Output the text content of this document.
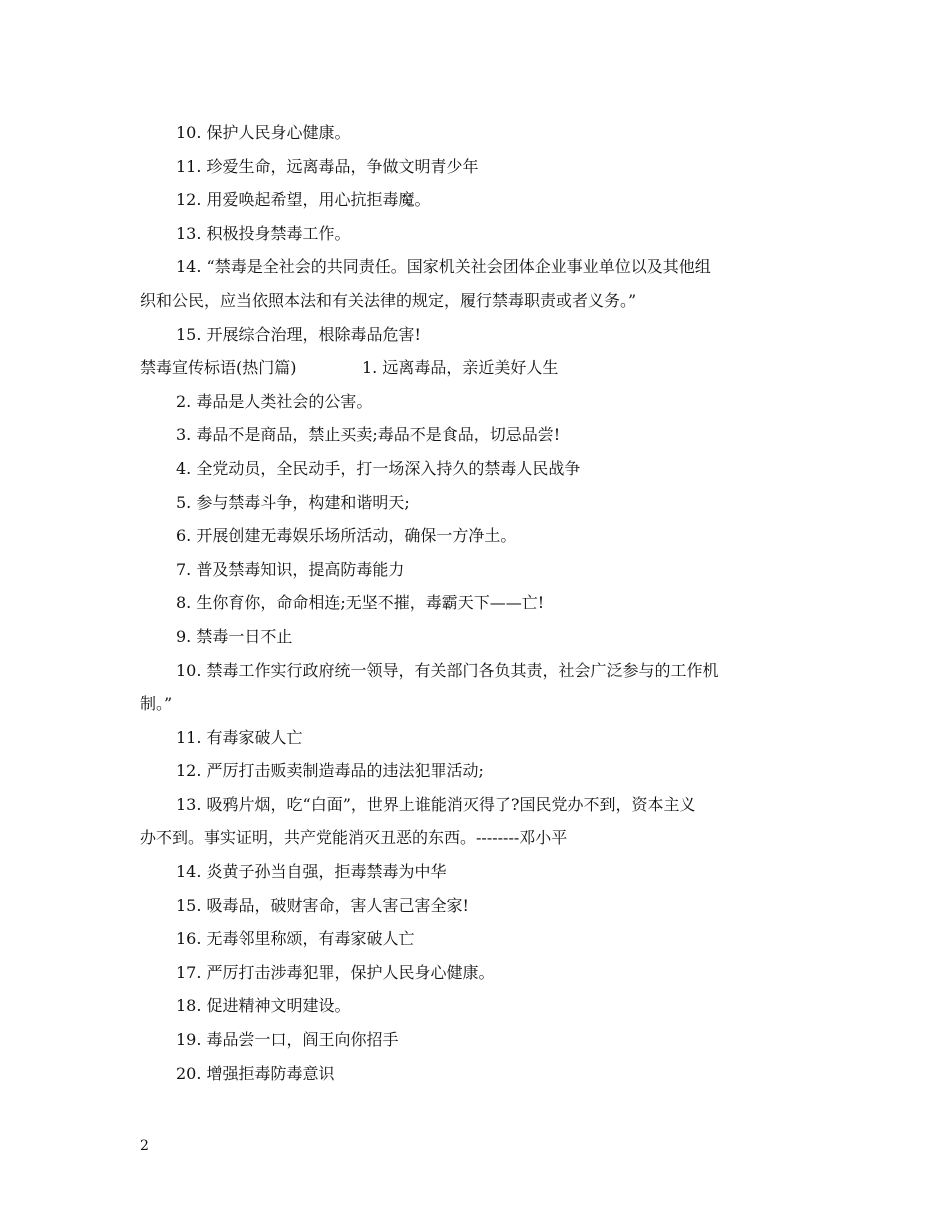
10. 保护人民身心健康。
11. 珍爱生命，远离毒品，争做文明青少年
12. 用爱唤起希望，用心抗拒毒魔。
13. 积极投身禁毒工作。
14. “禁毒是全社会的共同责任。国家机关社会团体企业事业单位以及其他组
织和公民，应当依照本法和有关法律的规定，履行禁毒职责或者义务。”
15. 开展综合治理，根除毒品危害!
禁毒宣传标语(热门篇)	1. 远离毒品，亲近美好人生
2. 毒品是人类社会的公害。
3. 毒品不是商品，禁止买卖;毒品不是食品，切忌品尝!
4. 全党动员，全民动手，打一场深入持久的禁毒人民战争
5. 参与禁毒斗争，构建和谐明天;
6. 开展创建无毒娱乐场所活动，确保一方净土。
7. 普及禁毒知识，提高防毒能力
8. 生你育你，命命相连;无坚不摧，毒霸天下——亡!
9. 禁毒一日不止
10. 禁毒工作实行政府统一领导，有关部门各负其责，社会广泛参与的工作机
制。”
11. 有毒家破人亡
12. 严厉打击贩卖制造毒品的违法犯罪活动;
13. 吸鸦片烟，吃“白面”，世界上谁能消灭得了?国民党办不到，资本主义
办不到。事实证明，共产党能消灭丑恶的东西。--------邓小平
14. 炎黄子孙当自强，拒毒禁毒为中华
15. 吸毒品，破财害命，害人害己害全家!
16. 无毒邻里称颂，有毒家破人亡
17. 严厉打击涉毒犯罪，保护人民身心健康。
18. 促进精神文明建设。
19. 毒品尝一口，阎王向你招手
20. 增强拒毒防毒意识
2
